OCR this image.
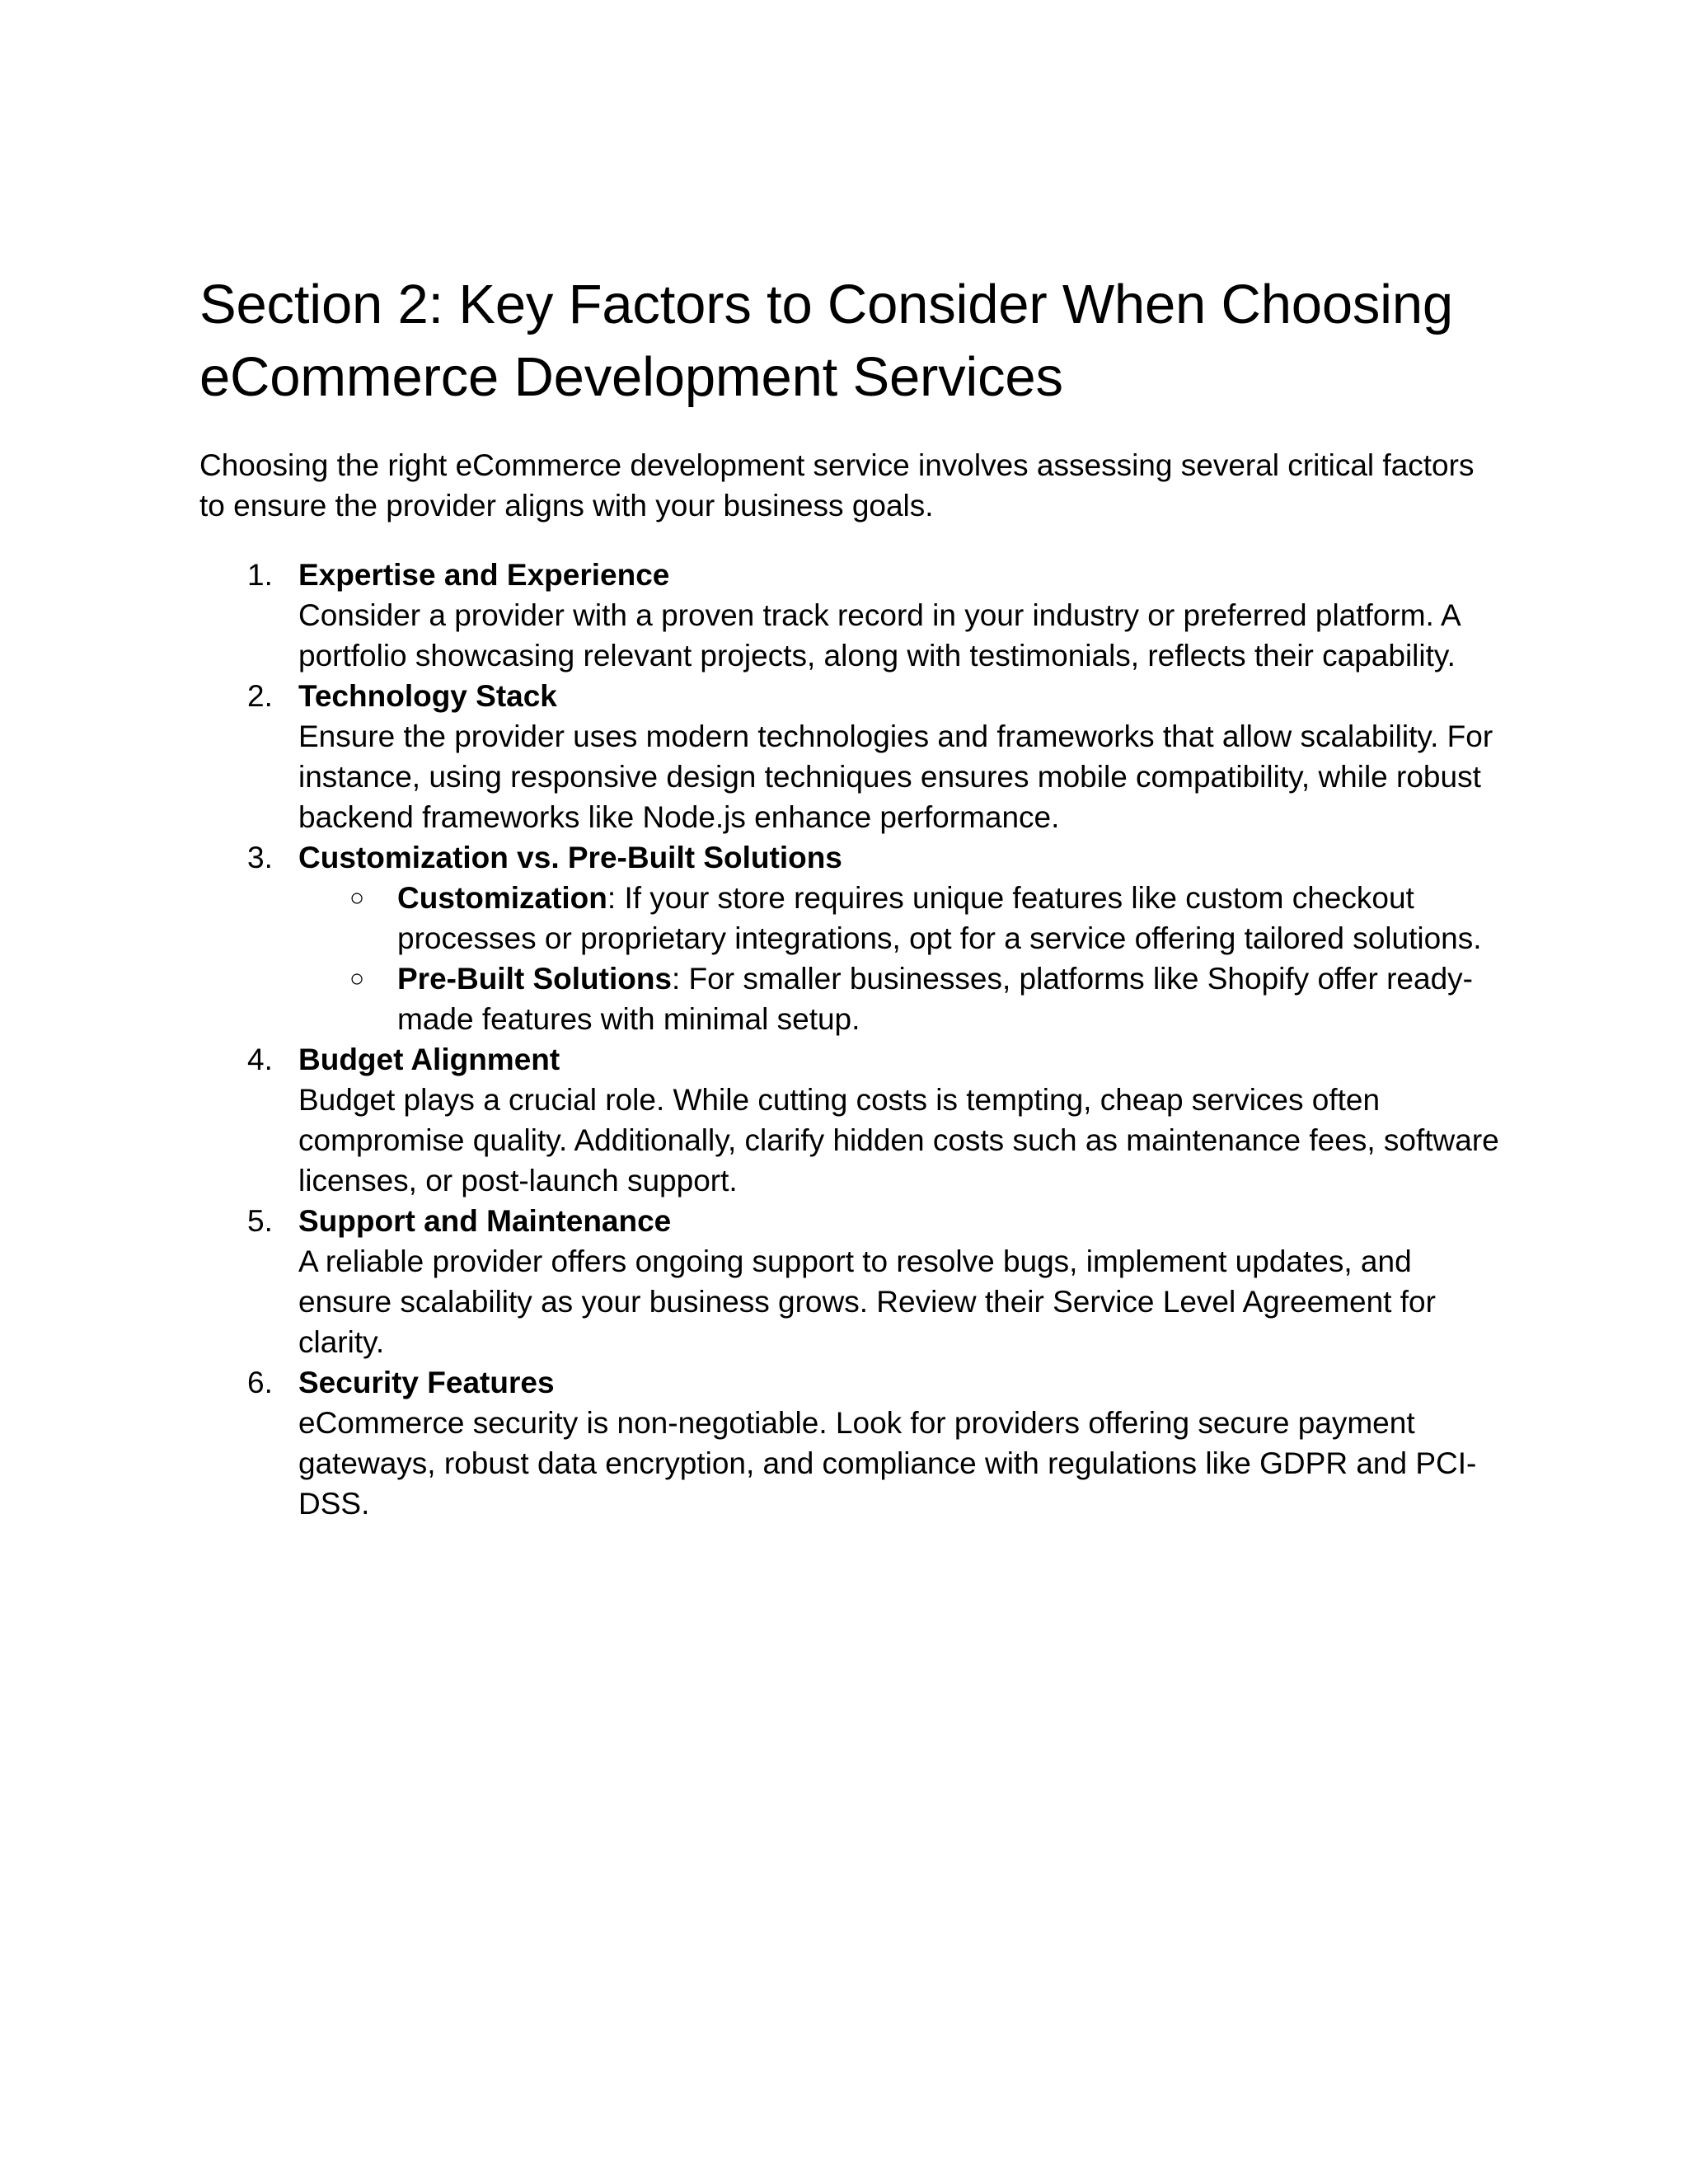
Section 2: Key Factors to Consider When Choosing eCommerce Development Services

Choosing the right eCommerce development service involves assessing several critical factors to ensure the provider aligns with your business goals.

1. Expertise and Experience
Consider a provider with a proven track record in your industry or preferred platform. A portfolio showcasing relevant projects, along with testimonials, reflects their capability.
2. Technology Stack
Ensure the provider uses modern technologies and frameworks that allow scalability. For instance, using responsive design techniques ensures mobile compatibility, while robust backend frameworks like Node.js enhance performance.
3. Customization vs. Pre-Built Solutions
○ Customization: If your store requires unique features like custom checkout processes or proprietary integrations, opt for a service offering tailored solutions.
○ Pre-Built Solutions: For smaller businesses, platforms like Shopify offer ready-made features with minimal setup.
4. Budget Alignment
Budget plays a crucial role. While cutting costs is tempting, cheap services often compromise quality. Additionally, clarify hidden costs such as maintenance fees, software licenses, or post-launch support.
5. Support and Maintenance
A reliable provider offers ongoing support to resolve bugs, implement updates, and ensure scalability as your business grows. Review their Service Level Agreement for clarity.
6. Security Features
eCommerce security is non-negotiable. Look for providers offering secure payment gateways, robust data encryption, and compliance with regulations like GDPR and PCI-DSS.
